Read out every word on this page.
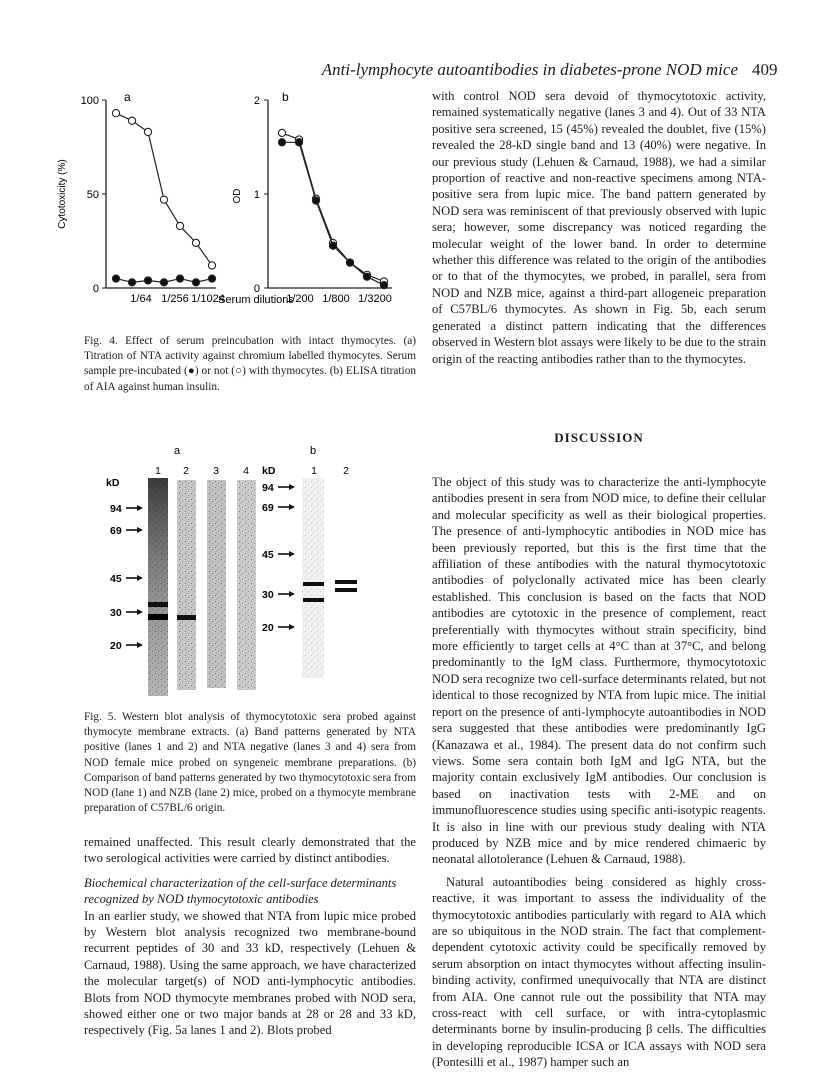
Anti-lymphocyte autoantibodies in diabetes-prone NOD mice 409
a
100
50
0
Cytotoxicity (%)
1/64 1/256 1/1024
b
2
1
0
OD
1/200 1/800 1/3200
Serum dilutions
Fig. 4. Effect of serum preincubation with intact thymocytes. (a) Titration of NTA activity against chromium labelled thymocytes. Serum sample pre-incubated (●) or not (○) with thymocytes. (b) ELISA titration of AIA against human insulin.
a	b
kD
94
69
45
30
20
1 2 3 4 kD
94
69
45
30
20
1 2
Fig. 5. Western blot analysis of thymocytotoxic sera probed against thymocyte membrane extracts. (a) Band patterns generated by NTA positive (lanes 1 and 2) and NTA negative (lanes 3 and 4) sera from NOD female mice probed on syngeneic membrane preparations. (b) Comparison of band patterns generated by two thymocytotoxic sera from NOD (lane 1) and NZB (lane 2) mice, probed on a thymocyte membrane preparation of C57BL/6 origin.

remained unaffected. This result clearly demonstrated that the two serological activities were carried by distinct antibodies.

Biochemical characterization of the cell-surface determinants recognized by NOD thymocytotoxic antibodies

In an earlier study, we showed that NTA from lupic mice probed by Western blot analysis recognized two membrane-bound recurrent peptides of 30 and 33 kD, respectively (Lehuen & Carnaud, 1988). Using the same approach, we have characterized the molecular target(s) of NOD anti-lymphocytic antibodies. Blots from NOD thymocyte membranes probed with NOD sera, showed either one or two major bands at 28 or 28 and 33 kD, respectively (Fig. 5a lanes 1 and 2). Blots probed

with control NOD sera devoid of thymocytotoxic activity, remained systematically negative (lanes 3 and 4). Out of 33 NTA positive sera screened, 15 (45%) revealed the doublet, five (15%) revealed the 28-kD single band and 13 (40%) were negative. In our previous study (Lehuen & Carnaud, 1988), we had a similar proportion of reactive and non-reactive specimens among NTA-positive sera from lupic mice. The band pattern generated by NOD sera was reminiscent of that previously observed with lupic sera; however, some discrepancy was noticed regarding the molecular weight of the lower band. In order to determine whether this difference was related to the origin of the antibodies or to that of the thymocytes, we probed, in parallel, sera from NOD and NZB mice, against a third-part allogeneic preparation of C57BL/6 thymocytes. As shown in Fig. 5b, each serum generated a distinct pattern indicating that the differences observed in Western blot assays were likely to be due to the strain origin of the reacting antibodies rather than to the thymocytes.

DISCUSSION

The object of this study was to characterize the anti-lymphocyte antibodies present in sera from NOD mice, to define their cellular and molecular specificity as well as their biological properties. The presence of anti-lymphocytic antibodies in NOD mice has been previously reported, but this is the first time that the affiliation of these antibodies with the natural thymocytotoxic antibodies of polyclonally activated mice has been clearly established. This conclusion is based on the facts that NOD antibodies are cytotoxic in the presence of complement, react preferentially with thymocytes without strain specificity, bind more efficiently to target cells at 4°C than at 37°C, and belong predominantly to the IgM class. Furthermore, thymocytotoxic NOD sera recognize two cell-surface determinants related, but not identical to those recognized by NTA from lupic mice. The initial report on the presence of anti-lymphocyte autoantibodies in NOD sera suggested that these antibodies were predominantly IgG (Kanazawa et al., 1984). The present data do not confirm such views. Some sera contain both IgM and IgG NTA, but the majority contain exclusively IgM antibodies. Our conclusion is based on inactivation tests with 2-ME and on immunofluorescence studies using specific anti-isotypic reagents. It is also in line with our previous study dealing with NTA produced by NZB mice and by mice rendered chimaeric by neonatal allotolerance (Lehuen & Carnaud, 1988).

Natural autoantibodies being considered as highly cross-reactive, it was important to assess the individuality of the thymocytotoxic antibodies particularly with regard to AIA which are so ubiquitous in the NOD strain. The fact that complement-dependent cytotoxic activity could be specifically removed by serum absorption on intact thymocytes without affecting insulin-binding activity, confirmed unequivocally that NTA are distinct from AIA. One cannot rule out the possibility that NTA may cross-react with cell surface, or with intra-cytoplasmic determinants borne by insulin-producing β cells. The difficulties in developing reproducible ICSA or ICA assays with NOD sera (Pontesilli et al., 1987) hamper such an
